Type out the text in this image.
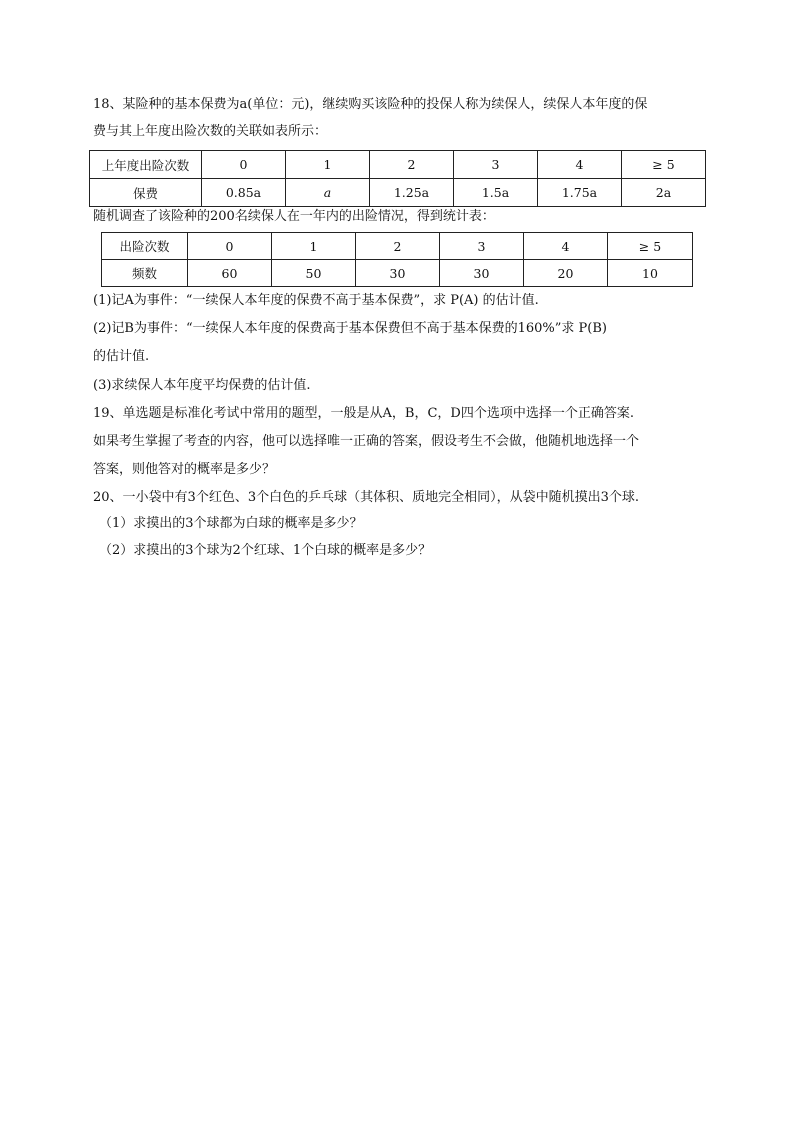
18、某险种的基本保费为a(单位：元)，继续购买该险种的投保人称为续保人，续保人本年度的保
费与其上年度出险次数的关联如表所示：
上年度出险次数	0	1	2	3	4	≥ 5
保费	0.85a	a	1.25a	1.5a	1.75a	2a
随机调查了该险种的200名续保人在一年内的出险情况，得到统计表：
出险次数	0	1	2	3	4	≥ 5
频数	60	50	30	30	20	10
(1)记A为事件：“一续保人本年度的保费不高于基本保费”，求 P(A) 的估计值.
(2)记B为事件：“一续保人本年度的保费高于基本保费但不高于基本保费的160%”求 P(B)
的估计值.
(3)求续保人本年度平均保费的估计值.
19、单选题是标准化考试中常用的题型，一般是从A，B，C，D四个选项中选择一个正确答案.
如果考生掌握了考查的内容，他可以选择唯一正确的答案，假设考生不会做，他随机地选择一个
答案，则他答对的概率是多少？
20、一小袋中有3个红色、3个白色的乒乓球（其体积、质地完全相同），从袋中随机摸出3个球.
（1）求摸出的3个球都为白球的概率是多少？
（2）求摸出的3个球为2个红球、1个白球的概率是多少？
